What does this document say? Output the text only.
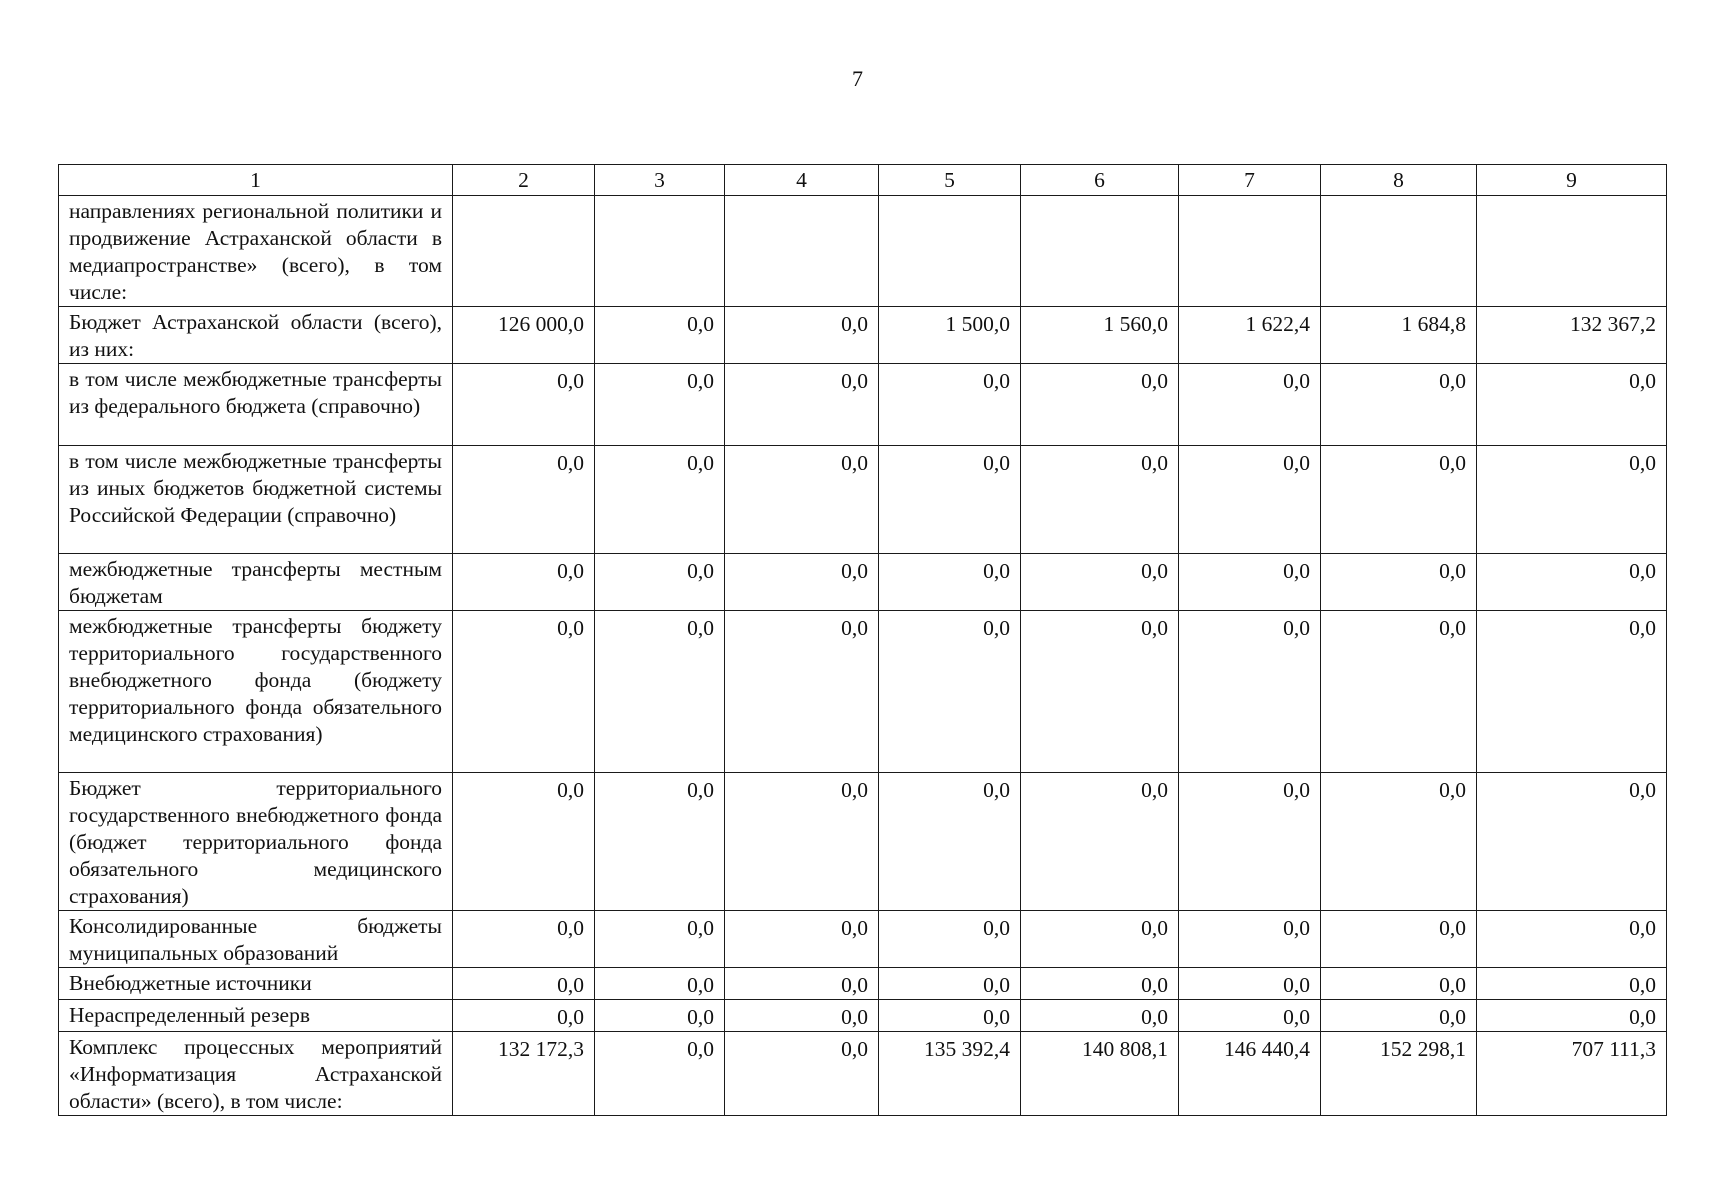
7
1	2	3	4	5	6	7	8	9
направлениях региональной политики и продвижение Астраханской области в медиапространстве» (всего), в том числе:								
Бюджет Астраханской области (всего), из них:	126 000,0	0,0	0,0	1 500,0	1 560,0	1 622,4	1 684,8	132 367,2
в том числе межбюджетные трансферты из федерального бюджета (справочно)	0,0	0,0	0,0	0,0	0,0	0,0	0,0	0,0
в том числе межбюджетные трансферты из иных бюджетов бюджетной системы Российской Федерации (справочно)	0,0	0,0	0,0	0,0	0,0	0,0	0,0	0,0
межбюджетные трансферты местным бюджетам	0,0	0,0	0,0	0,0	0,0	0,0	0,0	0,0
межбюджетные трансферты бюджету территориального государственного внебюджетного фонда (бюджету территориального фонда обязательного медицинского страхования)	0,0	0,0	0,0	0,0	0,0	0,0	0,0	0,0
Бюджет территориального государственного внебюджетного фонда (бюджет территориального фонда обязательного медицинского страхования)	0,0	0,0	0,0	0,0	0,0	0,0	0,0	0,0
Консолидированные бюджеты муниципальных образований	0,0	0,0	0,0	0,0	0,0	0,0	0,0	0,0
Внебюджетные источники	0,0	0,0	0,0	0,0	0,0	0,0	0,0	0,0
Нераспределенный резерв	0,0	0,0	0,0	0,0	0,0	0,0	0,0	0,0
Комплекс процессных мероприятий «Информатизация Астраханской области» (всего), в том числе:	132 172,3	0,0	0,0	135 392,4	140 808,1	146 440,4	152 298,1	707 111,3
